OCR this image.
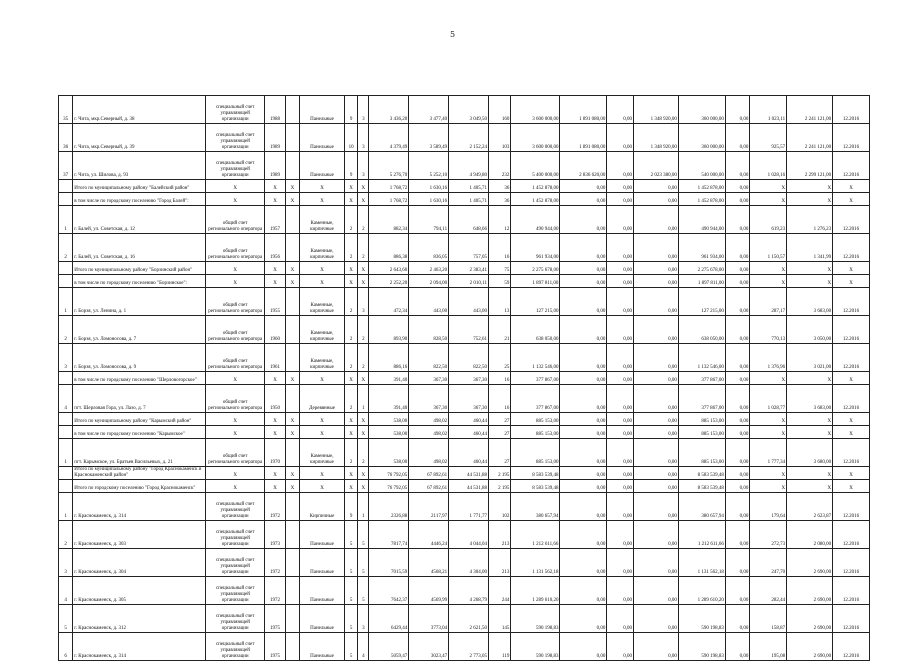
5
35	г. Чита, мкр.Северный, д. 38	специальный счет управляющей организации	1988		Панельные	9	3	3 436,20	3 477,40	3 049,50	160	3 600 000,00	1 891 080,00	0,00	1 348 920,00	360 000,00	0,00	1 023,11	2 241 121,00	12.2016
36	г. Чита, мкр.Северный, д. 39	специальный счет управляющей организации	1989		Панельные	10	3	4 379,49	3 589,49	2 152,24	103	3 600 000,00	1 891 080,00	0,00	1 348 920,00	360 000,00	0,00	925,57	2 241 121,00	12.2016
37	г. Чита, ул. Шилова, д. 93	специальный счет управляющей организации	1989		Панельные	9	3	5 276,70	5 252,10	4 949,80	232	5 400 000,00	2 836 620,00	0,00	2 023 380,00	540 000,00	0,00	1 028,16	2 299 121,00	12.2016
	Итого по муниципальному району "Балейский район"	X	X	X	X	X	X	1 768,72	1 630,16	1 405,71	36	1 452 878,00	0,00	0,00	0,00	1 452 878,00	0,00	X	X	X
	в том числе по городскому поселению "Город Балей":	X	X	X	X	X	X	1 768,72	1 630,16	1 405,71	36	1 452 878,00	0,00	0,00	0,00	1 452 878,00	0,00	X	X	X
1	г. Балей, ул. Советская, д. 12	общий счет регионального оператора	1957		Каменные, кирпичные	2	2	882,34	794,11	648,66	12	490 944,00	0,00	0,00	0,00	490 944,00	0,00	619,23	1 276,23	12.2016
2	г. Балей, ул. Советская, д. 16	общий счет регионального оператора	1956		Каменные, кирпичные	2	2	886,38	836,05	757,05	16	961 934,00	0,00	0,00	0,00	961 934,00	0,00	1 150,57	1 341,99	12.2016
	Итого по муниципальному району "Борзинский район"	X	X	X	X	X	X	2 643,60	2 463,20	2 383,41	75	2 275 678,00	0,00	0,00	0,00	2 275 678,00	0,00	X	X	X
	в том числе по городскому поселению "Борзинское":	X	X	X	X	X	X	2 252,20	2 094,00	2 010,11	59	1 897 811,00	0,00	0,00	0,00	1 897 811,00	0,00	X	X	X
1	г. Борзя, ул. Ленина, д. 1	общий счет регионального оператора	1955		Каменные, кирпичные	2	3	472,34	443,00	443,00	13	127 215,00	0,00	0,00	0,00	127 215,00	0,00	287,17	3 683,00	12.2016
2	г. Борзя, ул. Ломоносова, д. 7	общий счет регионального оператора	1960		Каменные, кирпичные	2	2	893,90	828,50	752,61	21	638 050,00	0,00	0,00	0,00	638 050,00	0,00	770,13	3 050,00	12.2016
3	г. Борзя, ул. Ломоносова, д. 9	общий счет регионального оператора	1961		Каменные, кирпичные	2	2	886,16	822,50	822,50	25	1 132 546,00	0,00	0,00	0,00	1 132 546,00	0,00	1 376,96	3 021,00	12.2016
	в том числе по городскому поселению "Шерловогорское"	X	X	X	X	X	X	391,40	367,30	367,30	16	377 867,00	0,00	0,00	0,00	377 867,00	0,00	X	X	X
4	пгт. Шерловая Гора, ул. Лазо, д. 7	общий счет регионального оператора	1950		Деревянные	2	1	391,40	367,30	367,30	16	377 867,00	0,00	0,00	0,00	377 867,00	0,00	1 028,77	3 683,00	12.2016
	Итого по муниципальному району "Карымский район"	X	X	X	X	X	X	538,00	498,02	460,44	27	885 153,00	0,00	0,00	0,00	885 153,00	0,00	X	X	X
	в том числе по городскому поселению "Карымское"	X	X	X	X	X	X	538,00	498,02	460,44	27	885 153,00	0,00	0,00	0,00	885 153,00	0,00	X	X	X
1	пгт. Карымское, ул. Братьев Васильевых, д. 21	общий счет регионального оператора	1970		Каменные, кирпичные	2	2	538,00	498,02	460,44	27	885 153,00	0,00	0,00	0,00	885 153,00	0,00	1 777,34	3 680,00	12.2016
	Итого по муниципальному району "Город Краснокаменск и Краснокаменский район"	X	X	X	X	X	X	76 792,05	67 892,61	44 531,88	2 195	8 583 539,48	0,00	0,00	0,00	8 583 539,48	0,00	X	X	X
	Итого по городскому поселению "Город Краснокаменск"	X	X	X	X	X	X	76 792,05	67 892,61	44 531,88	2 195	8 583 539,48	0,00	0,00	0,00	8 583 539,48	0,00	X	X	X
1	г. Краснокаменск, д. 314	специальный счет управляющей организации	1972		Кирпичные	9	1	2326,88	2117,97	1 771,77	102	380 657,94	0,00	0,00	0,00	380 657,94	0,00	179,64	2 623,87	12.2016
2	г. Краснокаменск, д. 303	специальный счет управляющей организации	1973		Панельные	5	5	7817,74	4446,24	4 044,04	213	1 212 611,66	0,00	0,00	0,00	1 212 611,66	0,00	272,73	2 080,00	12.2016
3	г. Краснокаменск, д. 304	специальный счет управляющей организации	1972		Панельные	5	5	7015,59	4568,21	4 304,00	213	1 131 562,18	0,00	0,00	0,00	1 131 562,18	0,00	247,70	2 690,00	12.2016
4	г. Краснокаменск, д. 305	специальный счет управляющей организации	1972		Панельные	5	5	7642,37	4569,99	4 268,79	244	1 289 610,20	0,00	0,00	0,00	1 289 610,20	0,00	282,44	2 690,00	12.2016
5	г. Краснокаменск, д. 312	специальный счет управляющей организации	1975		Панельные	5	3	6429,44	3773,04	2 621,50	145	590 198,83	0,00	0,00	0,00	590 198,83	0,00	158,87	2 690,00	12.2016
6	г. Краснокаменск, д. 314	специальный счет управляющей организации	1975		Панельные	5	4	5059,47	3023,47	2 773,05	119	590 198,83	0,00	0,00	0,00	590 198,83	0,00	195,08	2 690,00	12.2016
